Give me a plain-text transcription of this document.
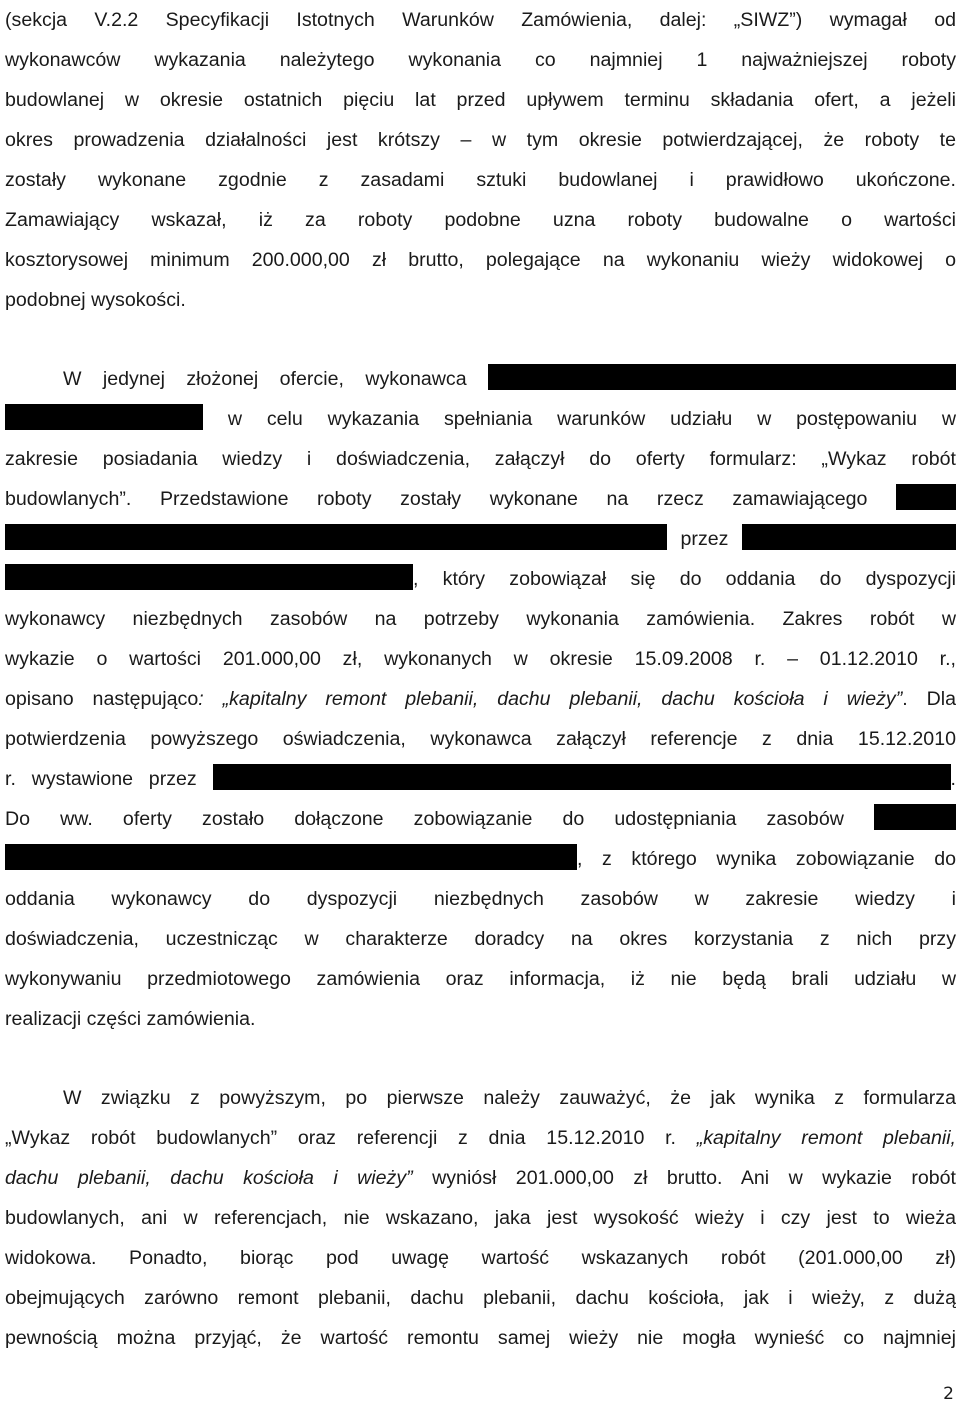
(sekcja V.2.2 Specyfikacji Istotnych Warunków Zamówienia, dalej: „SIWZ”) wymagał od
wykonawców wykazania należytego wykonania co najmniej 1 najważniejszej roboty
budowlanej w okresie ostatnich pięciu lat przed upływem terminu składania ofert, a jeżeli
okres prowadzenia działalności jest krótszy – w tym okresie potwierdzającej, że roboty te
zostały wykonane zgodnie z zasadami sztuki budowlanej i prawidłowo ukończone.
Zamawiający wskazał, iż za roboty podobne uzna roboty budowalne o wartości
kosztorysowej minimum 200.000,00 zł brutto, polegające na wykonaniu wieży widokowej o
podobnej wysokości.
W jedynej złożonej ofercie, wykonawca
w celu wykazania spełniania warunków udziału w postępowaniu w
zakresie posiadania wiedzy i doświadczenia, załączył do oferty formularz: „Wykaz robót
budowlanych”. Przedstawione roboty zostały wykonane na rzecz zamawiającego
przez
, który zobowiązał się do oddania do dyspozycji
wykonawcy niezbędnych zasobów na potrzeby wykonania zamówienia. Zakres robót w
wykazie o wartości 201.000,00 zł, wykonanych w okresie 15.09.2008 r. – 01.12.2010 r.,
opisano następująco: „kapitalny remont plebanii, dachu plebanii, dachu kościoła i wieży”. Dla
potwierdzenia powyższego oświadczenia, wykonawca załączył referencje z dnia 15.12.2010
r. wystawione przez	.
Do ww. oferty zostało dołączone zobowiązanie do udostępniania zasobów
, z którego wynika zobowiązanie do
oddania wykonawcy do dyspozycji niezbędnych zasobów w zakresie wiedzy i
doświadczenia, uczestnicząc w charakterze doradcy na okres korzystania z nich przy
wykonywaniu przedmiotowego zamówienia oraz informacja, iż nie będą brali udziału w
realizacji części zamówienia.
W związku z powyższym, po pierwsze należy zauważyć, że jak wynika z formularza
„Wykaz robót budowlanych” oraz referencji z dnia 15.12.2010 r. „kapitalny remont plebanii,
dachu plebanii, dachu kościoła i wieży” wyniósł 201.000,00 zł brutto. Ani w wykazie robót
budowlanych, ani w referencjach, nie wskazano, jaka jest wysokość wieży i czy jest to wieża
widokowa. Ponadto, biorąc pod uwagę wartość wskazanych robót (201.000,00 zł)
obejmujących zarówno remont plebanii, dachu plebanii, dachu kościoła, jak i wieży, z dużą
pewnością można przyjąć, że wartość remontu samej wieży nie mogła wynieść co najmniej
2
